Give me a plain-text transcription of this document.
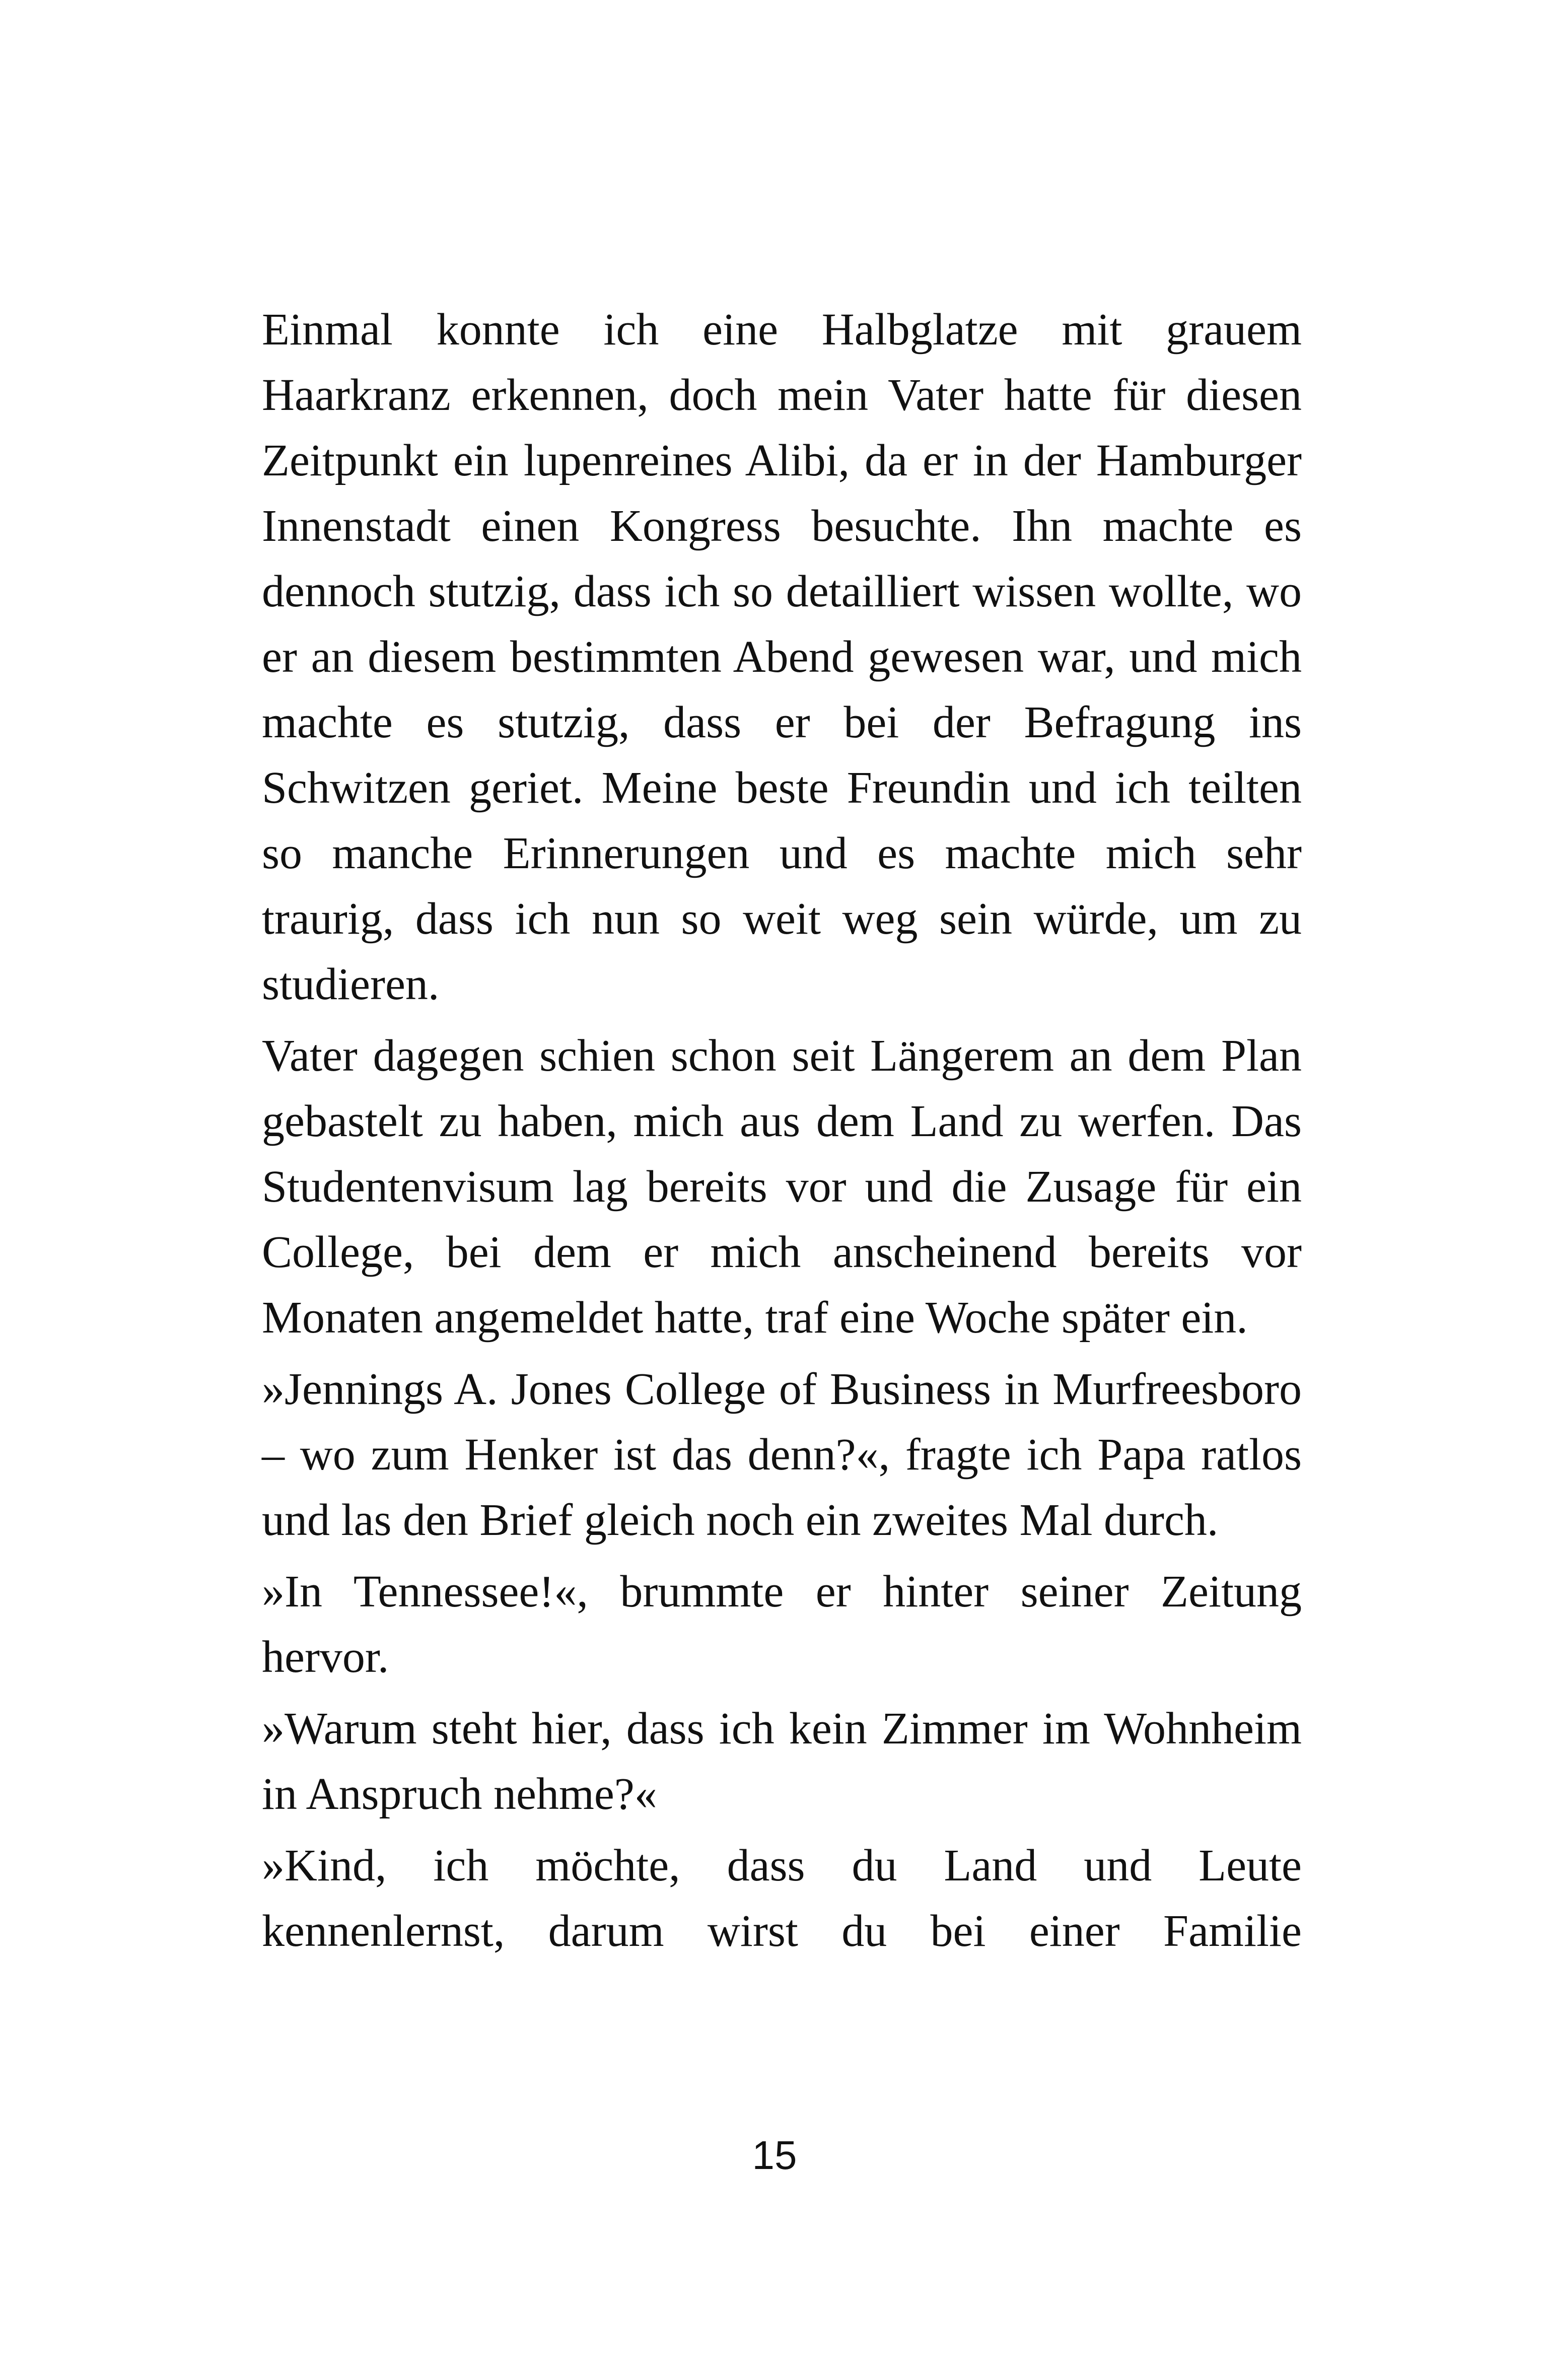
Einmal konnte ich eine Halbglatze mit grauem Haarkranz erkennen, doch mein Vater hatte für diesen Zeitpunkt ein lupenreines Alibi, da er in der Hamburger Innenstadt einen Kongress besuchte. Ihn machte es dennoch stutzig, dass ich so detailliert wissen wollte, wo er an diesem bestimmten Abend gewesen war, und mich machte es stutzig, dass er bei der Befragung ins Schwitzen geriet. Meine beste Freundin und ich teilten so manche Erinnerungen und es machte mich sehr traurig, dass ich nun so weit weg sein würde, um zu studieren.

Vater dagegen schien schon seit Längerem an dem Plan gebastelt zu haben, mich aus dem Land zu werfen. Das Studentenvisum lag bereits vor und die Zusage für ein College, bei dem er mich anscheinend bereits vor Monaten angemeldet hatte, traf eine Woche später ein.

»Jennings A. Jones College of Business in Murfreesboro – wo zum Henker ist das denn?«, fragte ich Papa ratlos und las den Brief gleich noch ein zweites Mal durch.

»In Tennessee!«, brummte er hinter seiner Zeitung hervor.

»Warum steht hier, dass ich kein Zimmer im Wohnheim in Anspruch nehme?«

»Kind, ich möchte, dass du Land und Leute kennenlernst, darum wirst du bei einer Familie

15
